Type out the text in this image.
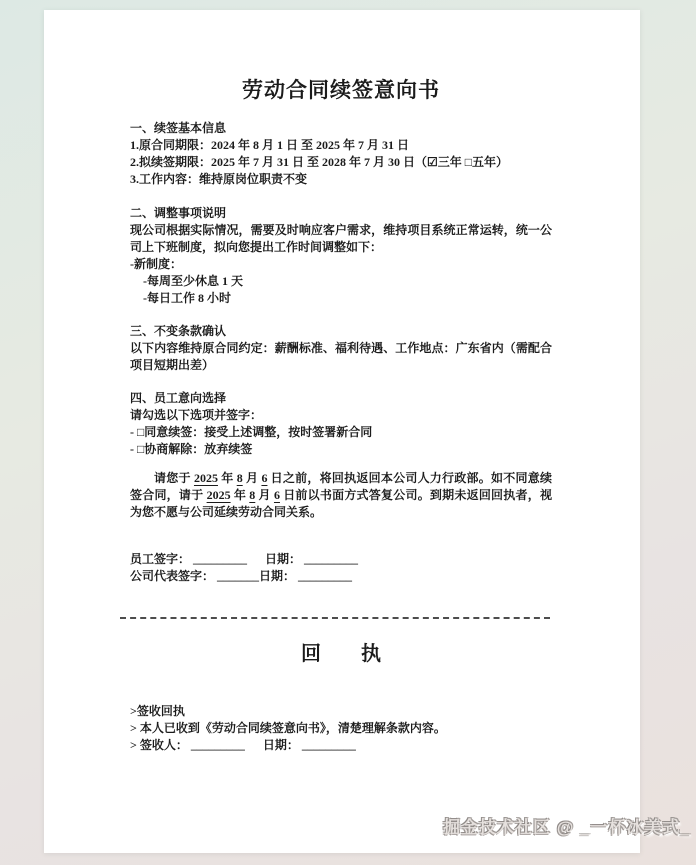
劳动合同续签意向书
一、续签基本信息
1.原合同期限：2024 年 8 月 1 日 至 2025 年 7 月 31 日
2.拟续签期限：2025 年 7 月 31 日 至 2028 年 7 月 30 日（☑三年 □五年）
3.工作内容：维持原岗位职责不变
二、调整事项说明
现公司根据实际情况，需要及时响应客户需求，维持项目系统正常运转，统一公司上下班制度，拟向您提出工作时间调整如下：
-新制度：
-每周至少休息 1 天
-每日工作 8 小时
三、不变条款确认
以下内容维持原合同约定：薪酬标准、福利待遇、工作地点：广东省内（需配合项目短期出差）
四、员工意向选择
请勾选以下选项并签字：
- □同意续签：接受上述调整，按时签署新合同
- □协商解除：放弃续签

请您于 2025 年 8 月 6 日之前，将回执返回本公司人力行政部。如不同意续签合同，请于 2025 年 8 月 6 日前以书面方式答复公司。到期未返回回执者，视为您不愿与公司延续劳动合同关系。

员工签字： _________ 日期： _________
公司代表签字： _______日期： _________
回　　执
>签收回执
> 本人已收到《劳动合同续签意向书》，清楚理解条款内容。
> 签收人： _________ 日期： _________
掘金技术社区 @ _一杯冰美式_
